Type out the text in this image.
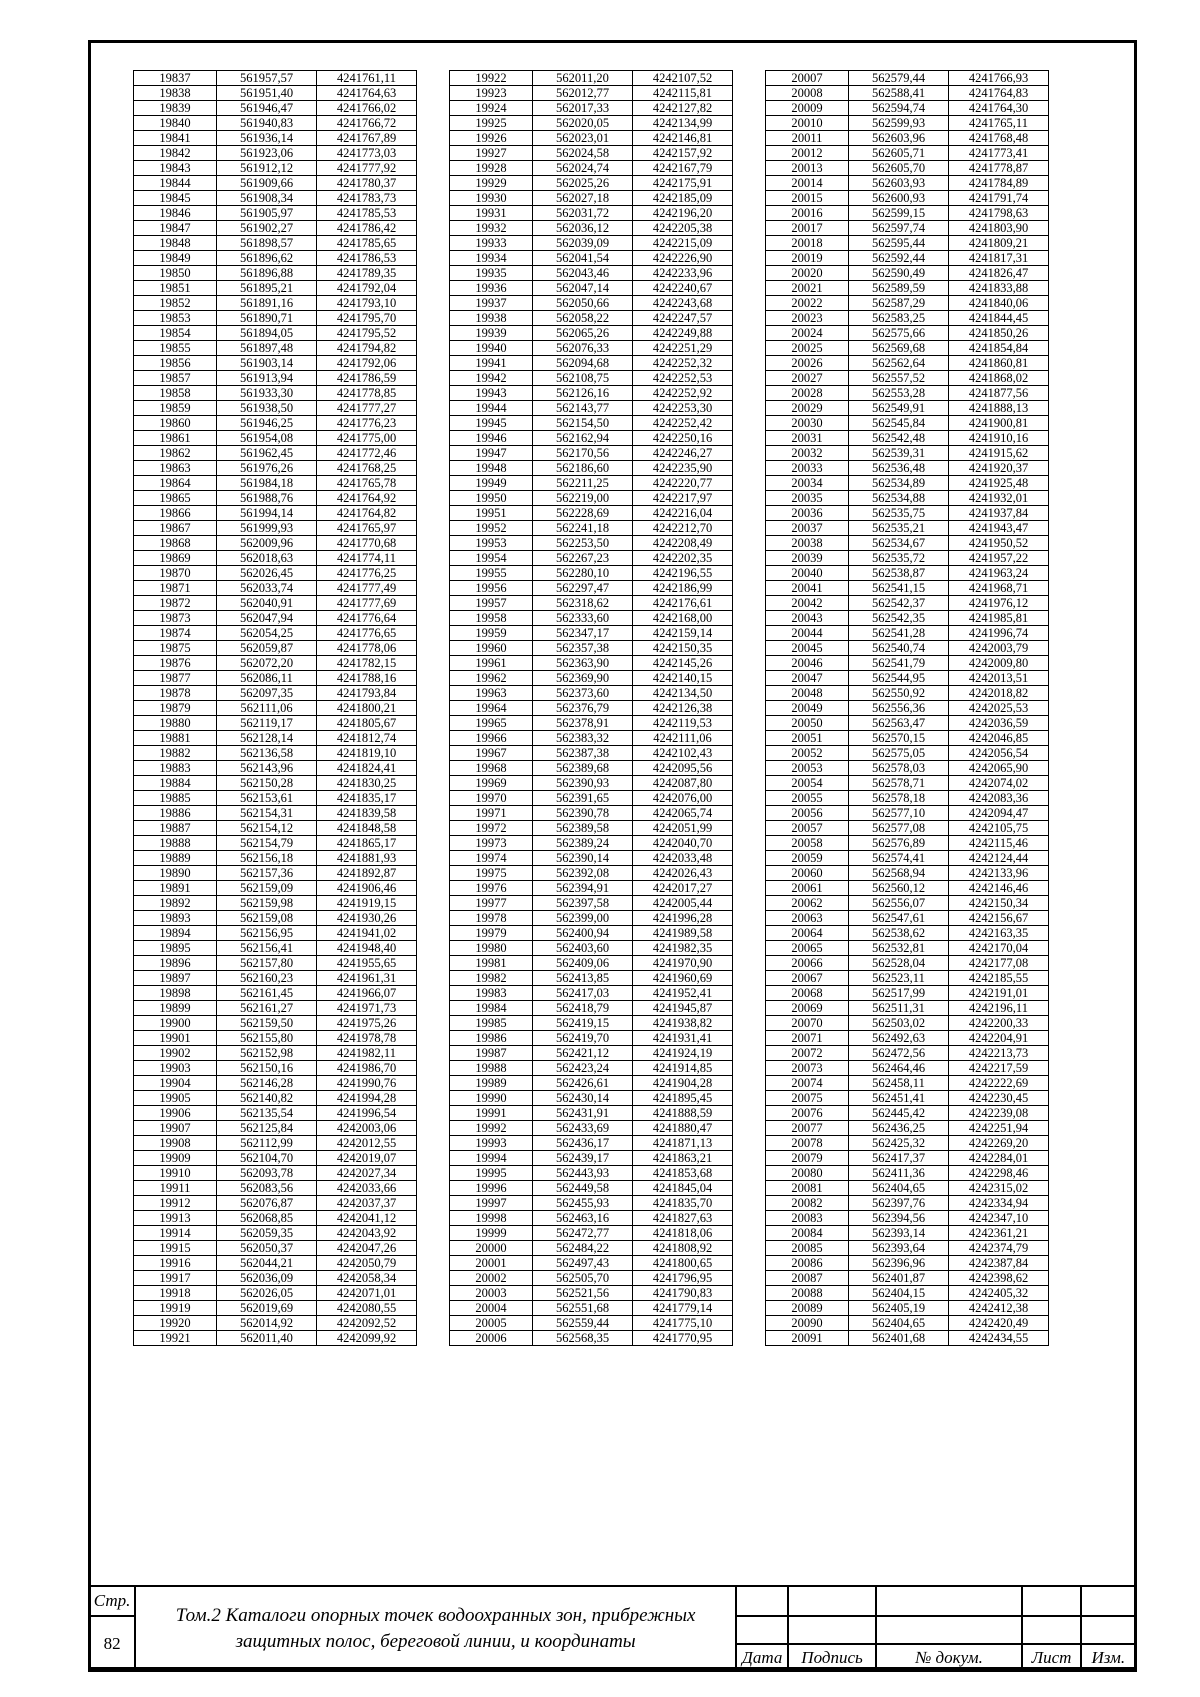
19837	561957,57	4241761,11
19838	561951,40	4241764,63
19839	561946,47	4241766,02
19840	561940,83	4241766,72
19841	561936,14	4241767,89
19842	561923,06	4241773,03
19843	561912,12	4241777,92
19844	561909,66	4241780,37
19845	561908,34	4241783,73
19846	561905,97	4241785,53
19847	561902,27	4241786,42
19848	561898,57	4241785,65
19849	561896,62	4241786,53
19850	561896,88	4241789,35
19851	561895,21	4241792,04
19852	561891,16	4241793,10
19853	561890,71	4241795,70
19854	561894,05	4241795,52
19855	561897,48	4241794,82
19856	561903,14	4241792,06
19857	561913,94	4241786,59
19858	561933,30	4241778,85
19859	561938,50	4241777,27
19860	561946,25	4241776,23
19861	561954,08	4241775,00
19862	561962,45	4241772,46
19863	561976,26	4241768,25
19864	561984,18	4241765,78
19865	561988,76	4241764,92
19866	561994,14	4241764,82
19867	561999,93	4241765,97
19868	562009,96	4241770,68
19869	562018,63	4241774,11
19870	562026,45	4241776,25
19871	562033,74	4241777,49
19872	562040,91	4241777,69
19873	562047,94	4241776,64
19874	562054,25	4241776,65
19875	562059,87	4241778,06
19876	562072,20	4241782,15
19877	562086,11	4241788,16
19878	562097,35	4241793,84
19879	562111,06	4241800,21
19880	562119,17	4241805,67
19881	562128,14	4241812,74
19882	562136,58	4241819,10
19883	562143,96	4241824,41
19884	562150,28	4241830,25
19885	562153,61	4241835,17
19886	562154,31	4241839,58
19887	562154,12	4241848,58
19888	562154,79	4241865,17
19889	562156,18	4241881,93
19890	562157,36	4241892,87
19891	562159,09	4241906,46
19892	562159,98	4241919,15
19893	562159,08	4241930,26
19894	562156,95	4241941,02
19895	562156,41	4241948,40
19896	562157,80	4241955,65
19897	562160,23	4241961,31
19898	562161,45	4241966,07
19899	562161,27	4241971,73
19900	562159,50	4241975,26
19901	562155,80	4241978,78
19902	562152,98	4241982,11
19903	562150,16	4241986,70
19904	562146,28	4241990,76
19905	562140,82	4241994,28
19906	562135,54	4241996,54
19907	562125,84	4242003,06
19908	562112,99	4242012,55
19909	562104,70	4242019,07
19910	562093,78	4242027,34
19911	562083,56	4242033,66
19912	562076,87	4242037,37
19913	562068,85	4242041,12
19914	562059,35	4242043,92
19915	562050,37	4242047,26
19916	562044,21	4242050,79
19917	562036,09	4242058,34
19918	562026,05	4242071,01
19919	562019,69	4242080,55
19920	562014,92	4242092,52
19921	562011,40	4242099,92
19922	562011,20	4242107,52
19923	562012,77	4242115,81
19924	562017,33	4242127,82
19925	562020,05	4242134,99
19926	562023,01	4242146,81
19927	562024,58	4242157,92
19928	562024,74	4242167,79
19929	562025,26	4242175,91
19930	562027,18	4242185,09
19931	562031,72	4242196,20
19932	562036,12	4242205,38
19933	562039,09	4242215,09
19934	562041,54	4242226,90
19935	562043,46	4242233,96
19936	562047,14	4242240,67
19937	562050,66	4242243,68
19938	562058,22	4242247,57
19939	562065,26	4242249,88
19940	562076,33	4242251,29
19941	562094,68	4242252,32
19942	562108,75	4242252,53
19943	562126,16	4242252,92
19944	562143,77	4242253,30
19945	562154,50	4242252,42
19946	562162,94	4242250,16
19947	562170,56	4242246,27
19948	562186,60	4242235,90
19949	562211,25	4242220,77
19950	562219,00	4242217,97
19951	562228,69	4242216,04
19952	562241,18	4242212,70
19953	562253,50	4242208,49
19954	562267,23	4242202,35
19955	562280,10	4242196,55
19956	562297,47	4242186,99
19957	562318,62	4242176,61
19958	562333,60	4242168,00
19959	562347,17	4242159,14
19960	562357,38	4242150,35
19961	562363,90	4242145,26
19962	562369,90	4242140,15
19963	562373,60	4242134,50
19964	562376,79	4242126,38
19965	562378,91	4242119,53
19966	562383,32	4242111,06
19967	562387,38	4242102,43
19968	562389,68	4242095,56
19969	562390,93	4242087,80
19970	562391,65	4242076,00
19971	562390,78	4242065,74
19972	562389,58	4242051,99
19973	562389,24	4242040,70
19974	562390,14	4242033,48
19975	562392,08	4242026,43
19976	562394,91	4242017,27
19977	562397,58	4242005,44
19978	562399,00	4241996,28
19979	562400,94	4241989,58
19980	562403,60	4241982,35
19981	562409,06	4241970,90
19982	562413,85	4241960,69
19983	562417,03	4241952,41
19984	562418,79	4241945,87
19985	562419,15	4241938,82
19986	562419,70	4241931,41
19987	562421,12	4241924,19
19988	562423,24	4241914,85
19989	562426,61	4241904,28
19990	562430,14	4241895,45
19991	562431,91	4241888,59
19992	562433,69	4241880,47
19993	562436,17	4241871,13
19994	562439,17	4241863,21
19995	562443,93	4241853,68
19996	562449,58	4241845,04
19997	562455,93	4241835,70
19998	562463,16	4241827,63
19999	562472,77	4241818,06
20000	562484,22	4241808,92
20001	562497,43	4241800,65
20002	562505,70	4241796,95
20003	562521,56	4241790,83
20004	562551,68	4241779,14
20005	562559,44	4241775,10
20006	562568,35	4241770,95
20007	562579,44	4241766,93
20008	562588,41	4241764,83
20009	562594,74	4241764,30
20010	562599,93	4241765,11
20011	562603,96	4241768,48
20012	562605,71	4241773,41
20013	562605,70	4241778,87
20014	562603,93	4241784,89
20015	562600,93	4241791,74
20016	562599,15	4241798,63
20017	562597,74	4241803,90
20018	562595,44	4241809,21
20019	562592,44	4241817,31
20020	562590,49	4241826,47
20021	562589,59	4241833,88
20022	562587,29	4241840,06
20023	562583,25	4241844,45
20024	562575,66	4241850,26
20025	562569,68	4241854,84
20026	562562,64	4241860,81
20027	562557,52	4241868,02
20028	562553,28	4241877,56
20029	562549,91	4241888,13
20030	562545,84	4241900,81
20031	562542,48	4241910,16
20032	562539,31	4241915,62
20033	562536,48	4241920,37
20034	562534,89	4241925,48
20035	562534,88	4241932,01
20036	562535,75	4241937,84
20037	562535,21	4241943,47
20038	562534,67	4241950,52
20039	562535,72	4241957,22
20040	562538,87	4241963,24
20041	562541,15	4241968,71
20042	562542,37	4241976,12
20043	562542,35	4241985,81
20044	562541,28	4241996,74
20045	562540,74	4242003,79
20046	562541,79	4242009,80
20047	562544,95	4242013,51
20048	562550,92	4242018,82
20049	562556,36	4242025,53
20050	562563,47	4242036,59
20051	562570,15	4242046,85
20052	562575,05	4242056,54
20053	562578,03	4242065,90
20054	562578,71	4242074,02
20055	562578,18	4242083,36
20056	562577,10	4242094,47
20057	562577,08	4242105,75
20058	562576,89	4242115,46
20059	562574,41	4242124,44
20060	562568,94	4242133,96
20061	562560,12	4242146,46
20062	562556,07	4242150,34
20063	562547,61	4242156,67
20064	562538,62	4242163,35
20065	562532,81	4242170,04
20066	562528,04	4242177,08
20067	562523,11	4242185,55
20068	562517,99	4242191,01
20069	562511,31	4242196,11
20070	562503,02	4242200,33
20071	562492,63	4242204,91
20072	562472,56	4242213,73
20073	562464,46	4242217,59
20074	562458,11	4242222,69
20075	562451,41	4242230,45
20076	562445,42	4242239,08
20077	562436,25	4242251,94
20078	562425,32	4242269,20
20079	562417,37	4242284,01
20080	562411,36	4242298,46
20081	562404,65	4242315,02
20082	562397,76	4242334,94
20083	562394,56	4242347,10
20084	562393,14	4242361,21
20085	562393,64	4242374,79
20086	562396,96	4242387,84
20087	562401,87	4242398,62
20088	562404,15	4242405,32
20089	562405,19	4242412,38
20090	562404,65	4242420,49
20091	562401,68	4242434,55
Стр.	Том.2 Каталоги опорных точек водоохранных зон, прибрежных защитных полос, береговой линии, и координаты					
82						
		Дата	Подпись	№ докум.	Лист	Изм.
